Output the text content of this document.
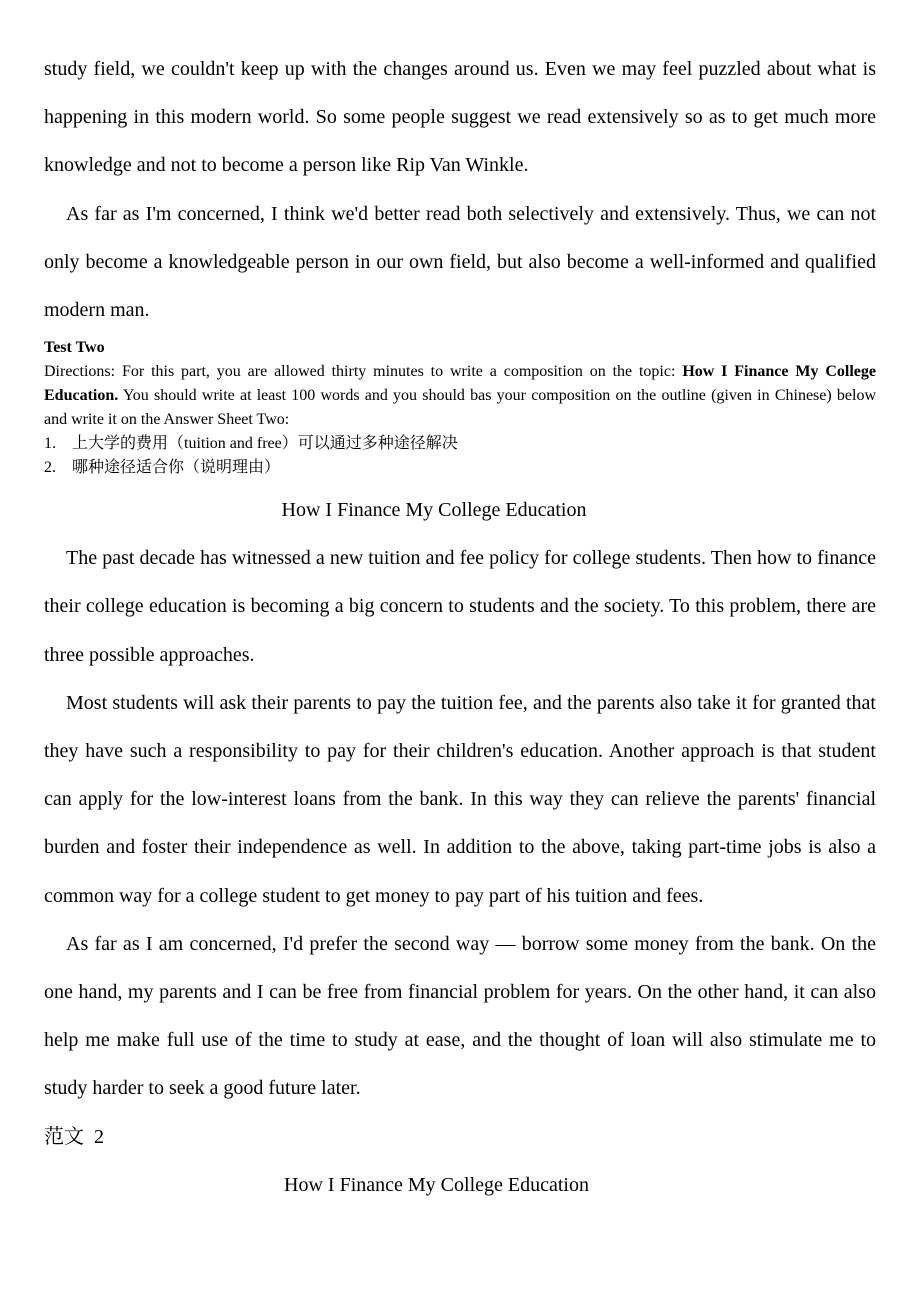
study field, we couldn't keep up with the changes around us. Even we may feel puzzled about what is happening in this modern world. So some people suggest we read extensively so as to get much more knowledge and not to become a person like Rip Van Winkle.

As far as I'm concerned, I think we'd better read both selectively and extensively. Thus, we can not only become a knowledgeable person in our own field, but also become a well-informed and qualified modern man.

Test Two

Directions: For this part, you are allowed thirty minutes to write a composition on the topic: How I Finance My College Education. You should write at least 100 words and you should bas your composition on the outline (given in Chinese) below and write it on the Answer Sheet Two:

1. 上大学的费用（tuition and free）可以通过多种途径解决

2. 哪种途径适合你（说明理由）

How I Finance My College Education

The past decade has witnessed a new tuition and fee policy for college students. Then how to finance their college education is becoming a big concern to students and the society. To this problem, there are three possible approaches.

Most students will ask their parents to pay the tuition fee, and the parents also take it for granted that they have such a responsibility to pay for their children's education. Another approach is that student can apply for the low-interest loans from the bank. In this way they can relieve the parents' financial burden and foster their independence as well. In addition to the above, taking part-time jobs is also a common way for a college student to get money to pay part of his tuition and fees.

As far as I am concerned, I'd prefer the second way — borrow some money from the bank. On the one hand, my parents and I can be free from financial problem for years. On the other hand, it can also help me make full use of the time to study at ease, and the thought of loan will also stimulate me to study harder to seek a good future later.

范文  2

How I Finance My College Education
